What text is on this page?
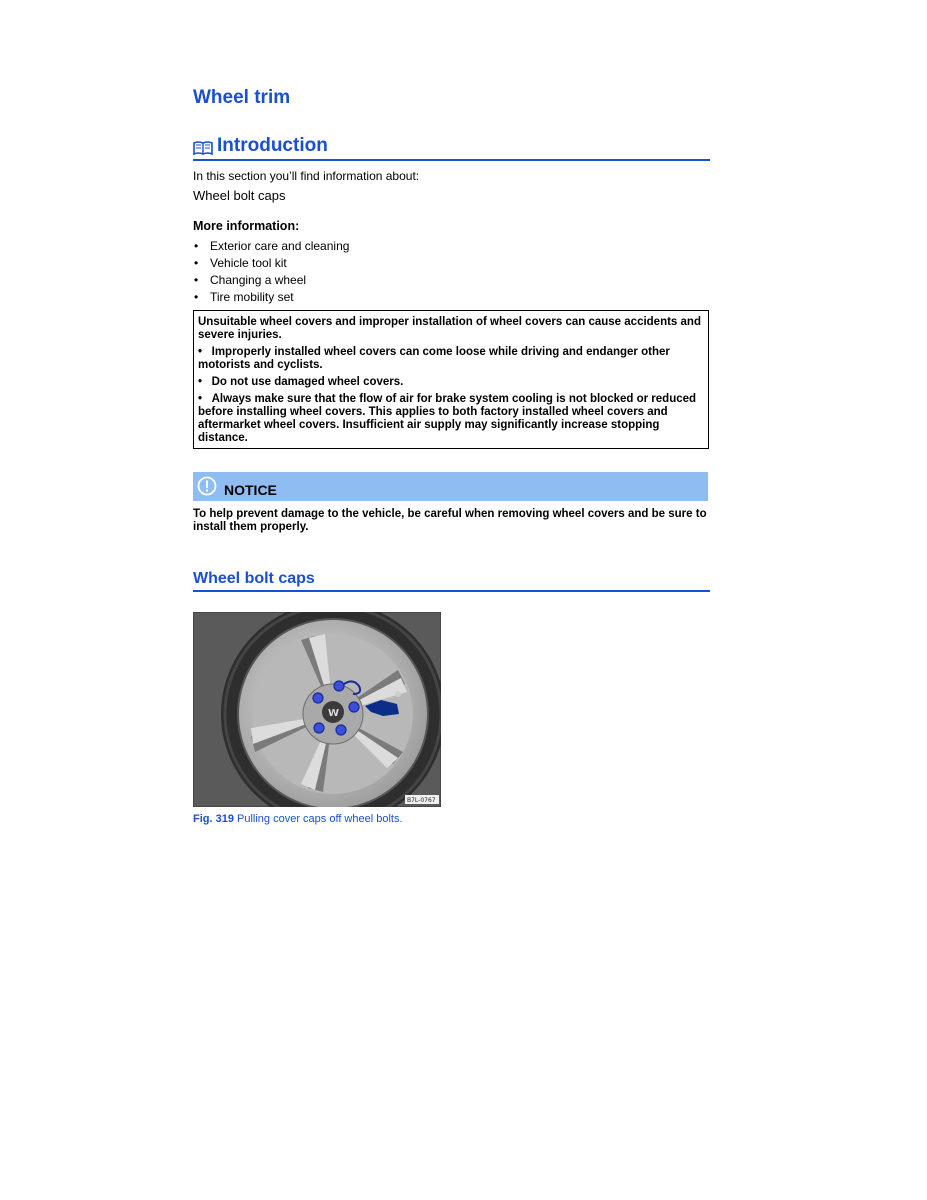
Wheel trim
Introduction

In this section you’ll find information about:

Wheel bolt caps

More information:

• Exterior care and cleaning
• Vehicle tool kit
• Changing a wheel
• Tire mobility set

Unsuitable wheel covers and improper installation of wheel covers can cause accidents and severe injuries.

•   Improperly installed wheel covers can come loose while driving and endanger other motorists and cyclists.

•   Do not use damaged wheel covers.

•   Always make sure that the flow of air for brake system cooling is not blocked or reduced before installing wheel covers. This applies to both factory installed wheel covers and aftermarket wheel covers. Insufficient air supply may significantly increase stopping distance.

NOTICE

To help prevent damage to the vehicle, be careful when removing wheel covers and be sure to install them properly.

Wheel bolt caps
W
B7L-0767

Fig. 319 Pulling cover caps off wheel bolts.
